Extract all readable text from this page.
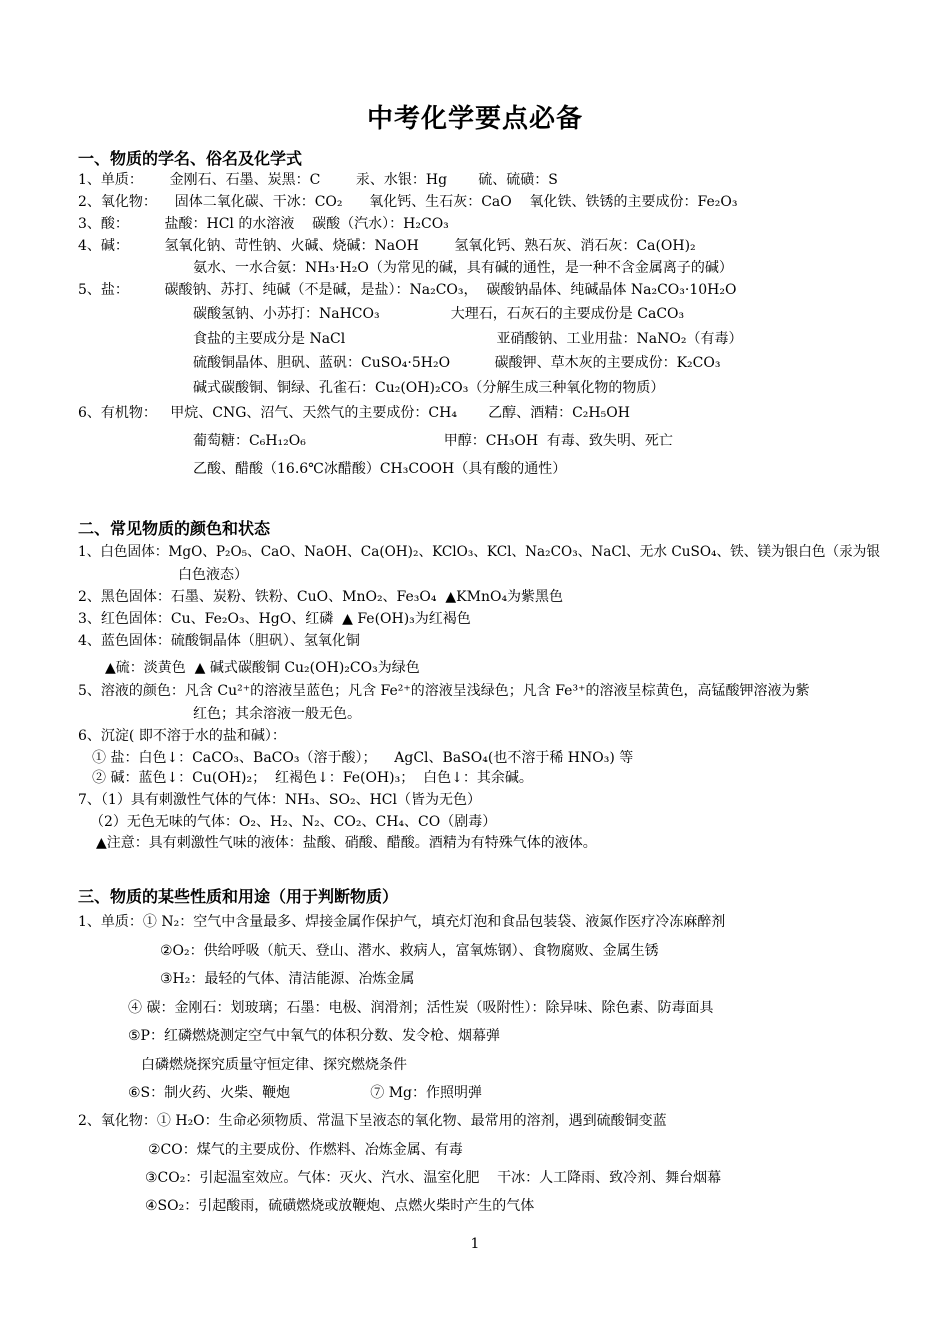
中考化学要点必备
一、物质的学名、俗名及化学式
1、单质：      金刚石、石墨、炭黑：C        汞、水银：Hg       硫、硫磺：S
2、氧化物：    固体二氧化碳、干冰：CO₂      氧化钙、生石灰：CaO    氧化铁、铁锈的主要成份：Fe₂O₃
3、酸：        盐酸：HCl 的水溶液    碳酸（汽水）：H₂CO₃
4、碱：        氢氧化钠、苛性钠、火碱、烧碱：NaOH        氢氧化钙、熟石灰、消石灰：Ca(OH)₂
氨水、一水合氨：NH₃·H₂O（为常见的碱，具有碱的通性，是一种不含金属离子的碱）
5、盐：        碳酸钠、苏打、纯碱（不是碱，是盐）：Na₂CO₃，  碳酸钠晶体、纯碱晶体 Na₂CO₃·10H₂O
碳酸氢钠、小苏打：NaHCO₃                大理石，石灰石的主要成份是 CaCO₃
食盐的主要成分是 NaCl                                  亚硝酸钠、工业用盐：NaNO₂（有毒）
硫酸铜晶体、胆矾、蓝矾：CuSO₄·5H₂O          碳酸钾、草木灰的主要成份：K₂CO₃
碱式碳酸铜、铜绿、孔雀石：Cu₂(OH)₂CO₃（分解生成三种氧化物的物质）
6、有机物：   甲烷、CNG、沼气、天然气的主要成份：CH₄       乙醇、酒精：C₂H₅OH
葡萄糖：C₆H₁₂O₆                               甲醇：CH₃OH  有毒、致失明、死亡
乙酸、醋酸（16.6℃冰醋酸）CH₃COOH（具有酸的通性）
二、常见物质的颜色和状态
1、白色固体：MgO、P₂O₅、CaO、NaOH、Ca(OH)₂、KClO₃、KCl、Na₂CO₃、NaCl、无水 CuSO₄、铁、镁为银白色（汞为银
白色液态）
2、黑色固体：石墨、炭粉、铁粉、CuO、MnO₂、Fe₃O₄  ▲KMnO₄为紫黑色
3、红色固体：Cu、Fe₂O₃、HgO、红磷  ▲ Fe(OH)₃为红褐色
4、蓝色固体：硫酸铜晶体（胆矾）、氢氧化铜
▲硫：淡黄色  ▲ 碱式碳酸铜 Cu₂(OH)₂CO₃为绿色
5、溶液的颜色：凡含 Cu²⁺的溶液呈蓝色；凡含 Fe²⁺的溶液呈浅绿色；凡含 Fe³⁺的溶液呈棕黄色，高锰酸钾溶液为紫
红色；其余溶液一般无色。
6、沉淀( 即不溶于水的盐和碱）：
① 盐：白色↓：CaCO₃、BaCO₃（溶于酸）；    AgCl、BaSO₄(也不溶于稀 HNO₃) 等
② 碱：蓝色↓：Cu(OH)₂；  红褐色↓：Fe(OH)₃；  白色↓：其余碱。
7、（1）具有刺激性气体的气体：NH₃、SO₂、HCl（皆为无色）
（2）无色无味的气体：O₂、H₂、N₂、CO₂、CH₄、CO（剧毒）
▲注意：具有刺激性气味的液体：盐酸、硝酸、醋酸。酒精为有特殊气体的液体。
三、物质的某些性质和用途（用于判断物质）
1、单质：① N₂：空气中含量最多、焊接金属作保护气，填充灯泡和食品包装袋、液氮作医疗冷冻麻醉剂
②O₂：供给呼吸（航天、登山、潜水、救病人，富氧炼钢）、食物腐败、金属生锈
③H₂：最轻的气体、清洁能源、冶炼金属
④ 碳：金刚石：划玻璃；石墨：电极、润滑剂；活性炭（吸附性）：除异味、除色素、防毒面具
⑤P：红磷燃烧测定空气中氧气的体积分数、发令枪、烟幕弹
白磷燃烧探究质量守恒定律、探究燃烧条件
⑥S：制火药、火柴、鞭炮                  ⑦ Mg：作照明弹
2、氧化物：① H₂O：生命必须物质、常温下呈液态的氧化物、最常用的溶剂，遇到硫酸铜变蓝
②CO：煤气的主要成份、作燃料、冶炼金属、有毒
③CO₂：引起温室效应。气体：灭火、汽水、温室化肥    干冰：人工降雨、致冷剂、舞台烟幕
④SO₂：引起酸雨，硫磺燃烧或放鞭炮、点燃火柴时产生的气体
1
